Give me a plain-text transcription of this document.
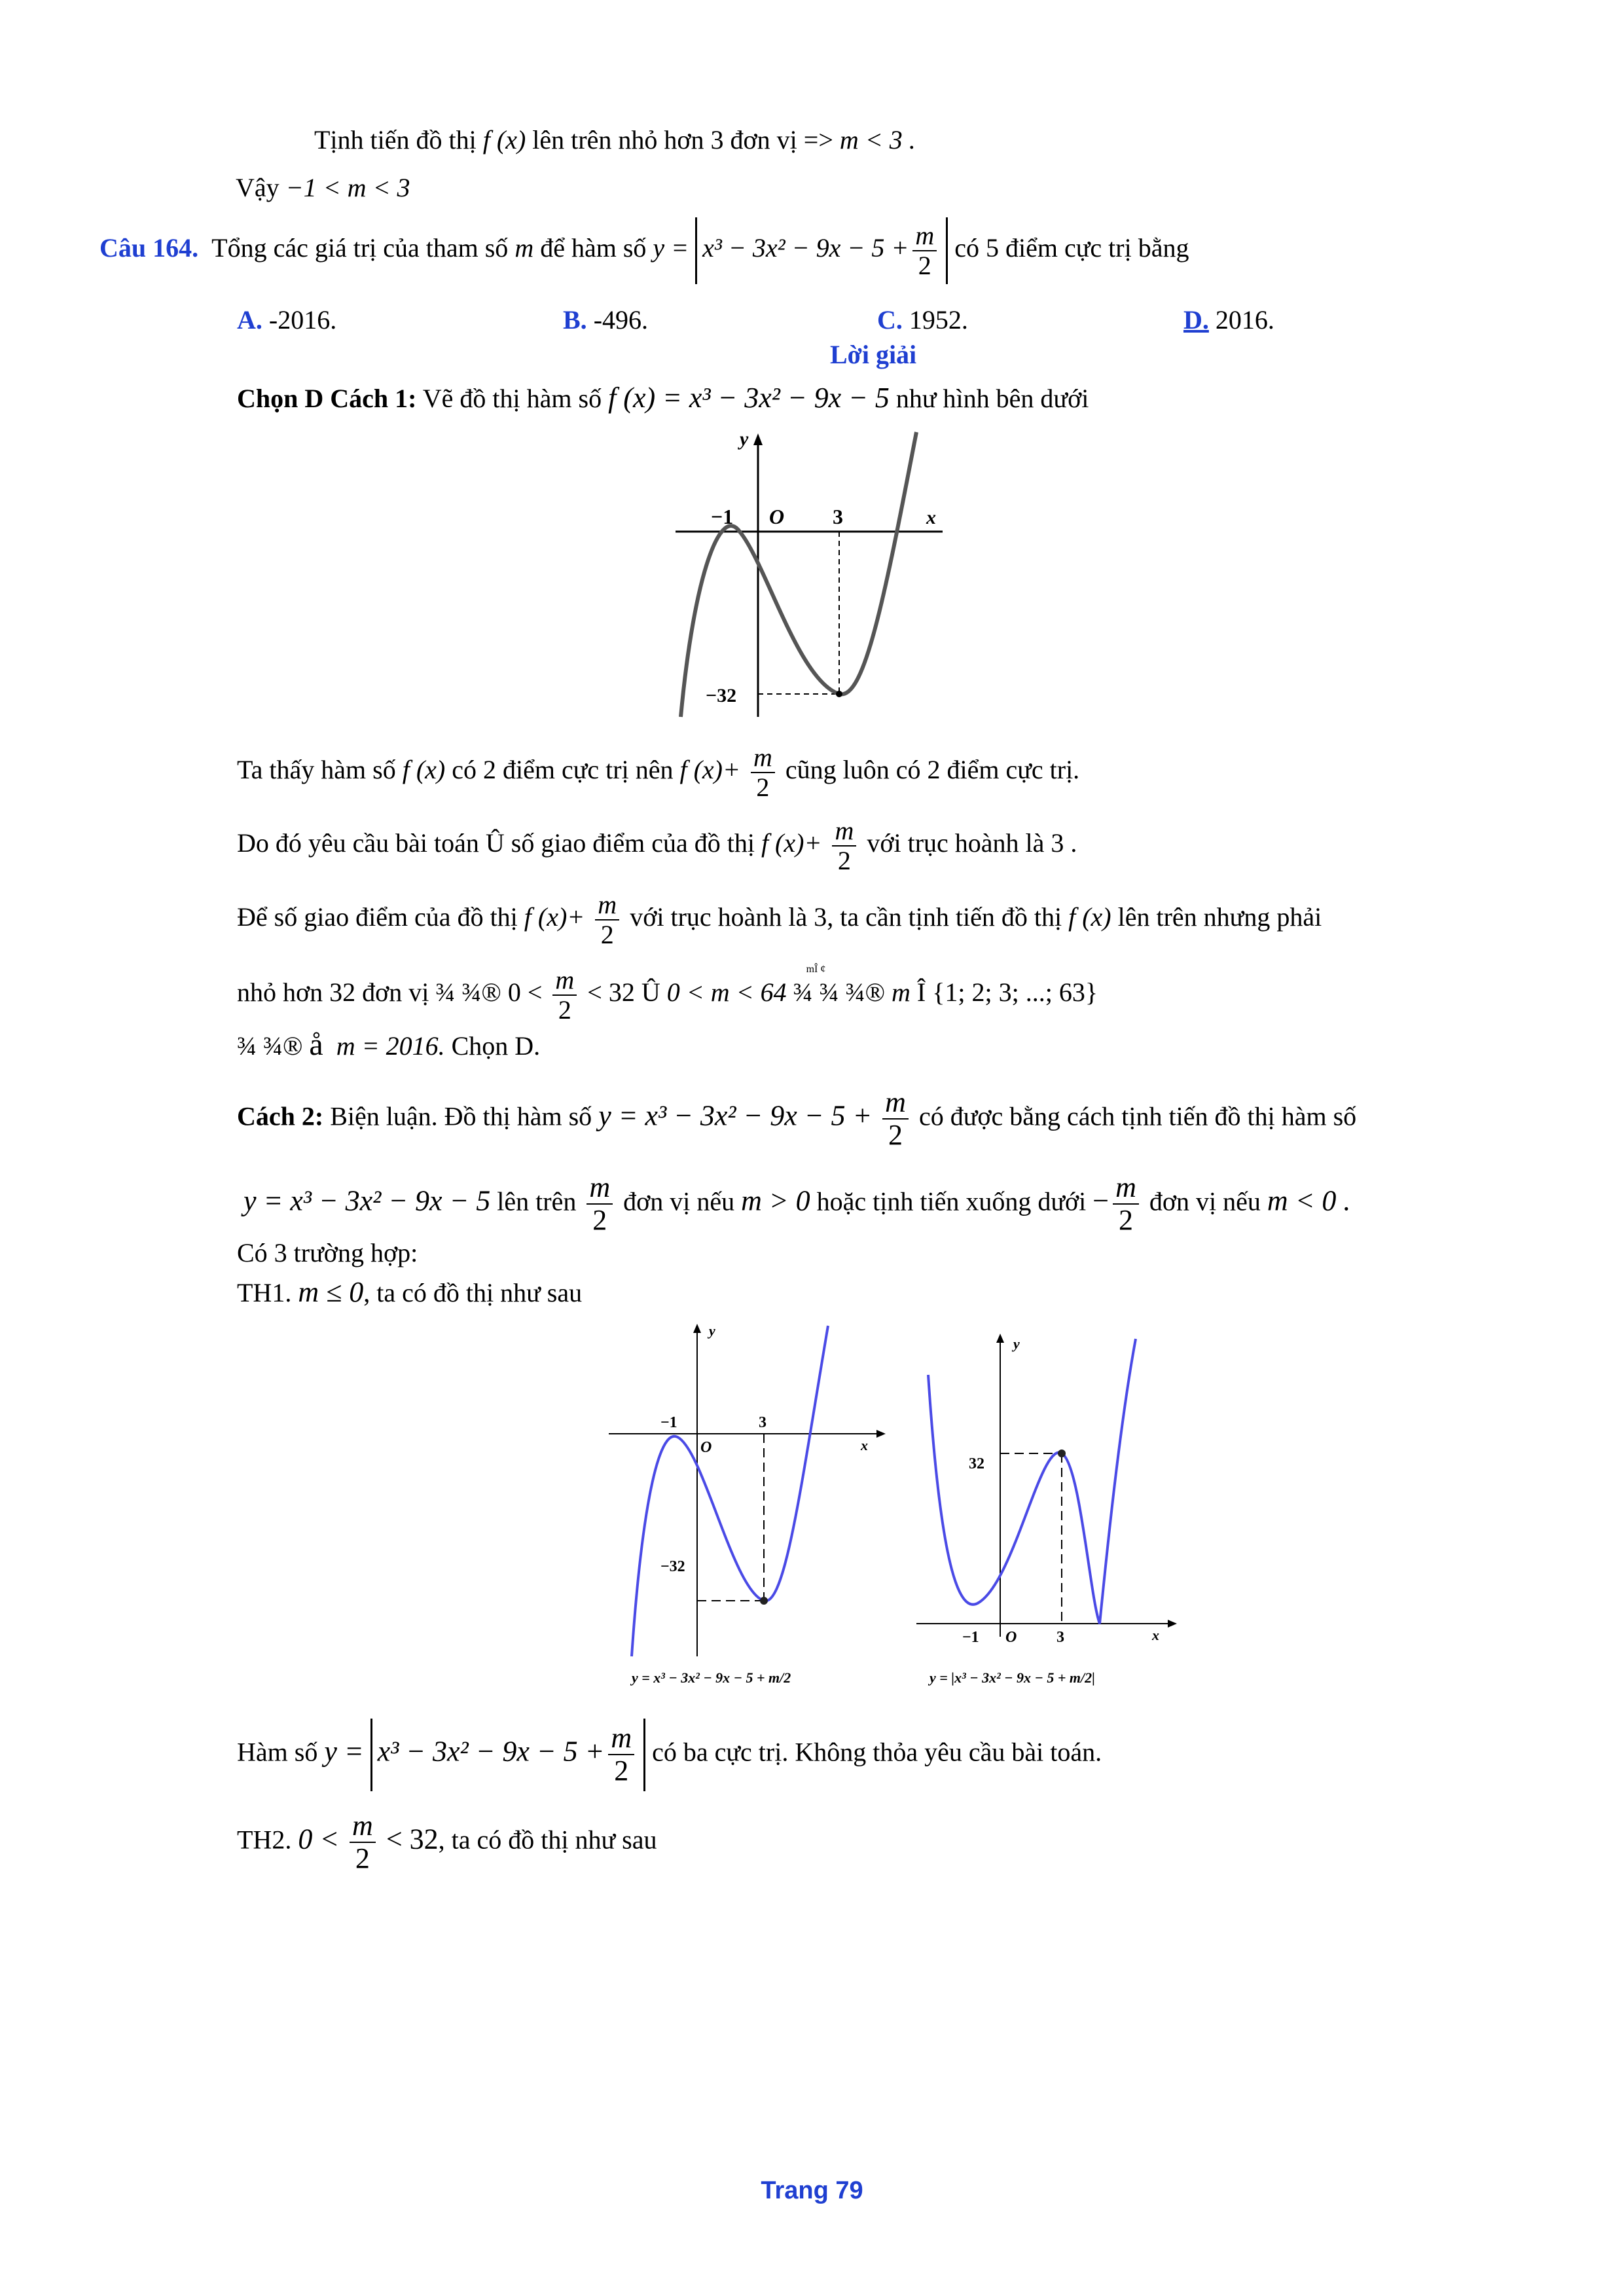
Tịnh tiến đồ thị f (x) lên trên nhỏ hơn 3 đơn vị => m < 3 .
Vậy −1 < m < 3
Câu 164. Tổng các giá trị của tham số m để hàm số $y = x^3 - 3x^2 - 9x - 5 + \frac{m}{2}$ có 5 điểm cực trị bằng
A. -2016.	B. -496.	C. 1952.	D. 2016.
Lời giải
Chọn D Cách 1: Vẽ đồ thị hàm số f (x) = x³ − 3x² − 9x − 5 như hình bên dưới
y
x
O
−1	3
−32
Ta thấy hàm số f (x) có 2 điểm cực trị nên f $(x)+ \frac{m}{2}$ cũng luôn có 2 điểm cực trị.
Do đó yêu cầu bài toán Û số giao điểm của đồ thị f $(x)+ \frac{m}{2}$ với trục hoành là 3 .
Để số giao điểm của đồ thị f $(x)+ \frac{m}{2}$ với trục hoành là 3, ta cần tịnh tiến đồ thị f (x) lên trên nhưng phải
nhỏ hơn 32 đơn vị ¾ ¾® $0 < \frac{m}{2} < 32$ Û 0 < m < 64
mÎ ¢
¾ ¾ ¾® m Î {1; 2; 3; ...; 63}
¾ ¾® å m = 2016. Chọn D.
Cách 2: Biện luận. Đồ thị hàm số $y = x^3 - 3x^2 - 9x - 5 + \frac{m}{2}$ có được bằng cách tịnh tiến đồ thị hàm số
y = x³ − 3x² − 9x − 5 lên trên $\frac{m}{2}$ đơn vị nếu m > 0 hoặc tịnh tiến xuống dưới − $\frac{m}{2}$ đơn vị nếu m < 0 .
Có 3 trường hợp:
TH1. m ≤ 0, ta có đồ thị như sau
y
x
O
−1	3
−32
y = x³ − 3x² − 9x − 5 + m/2
y
x
O
−1	3
32
y = |x³ − 3x² − 9x − 5 + m/2|
Hàm số $y = x^3 - 3x^2 - 9x - 5 + \frac{m}{2}$ có ba cực trị. Không thỏa yêu cầu bài toán.
TH2. $0 < \frac{m}{2} < 32$, ta có đồ thị như sau
Trang 79
